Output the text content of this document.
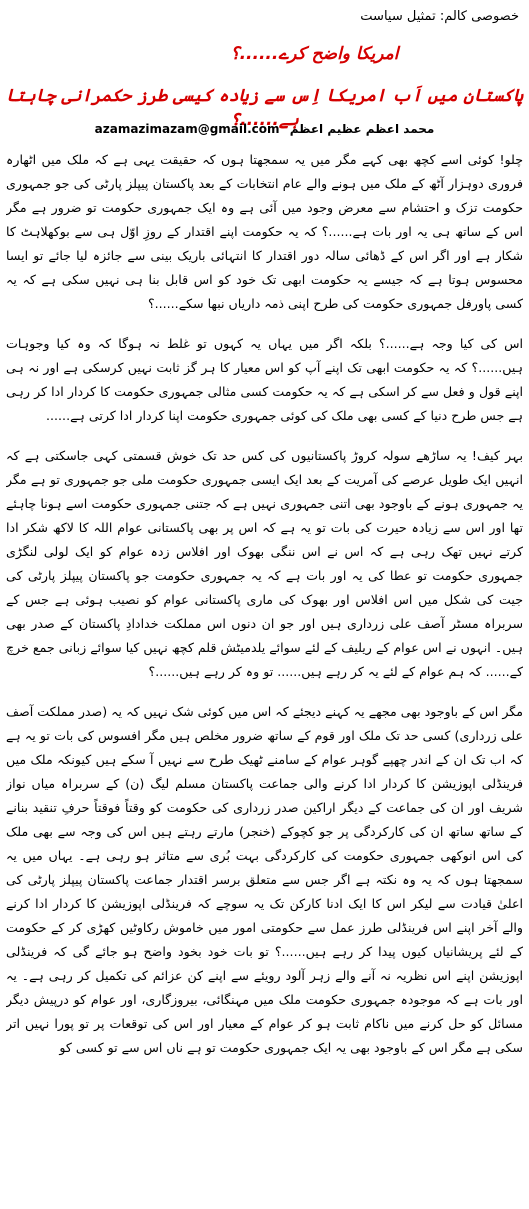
خصوصی کالم: تمثیل سیاست
امریکا واضح کرے......؟
پاکستان میں اَب امریکا اِس سے زیادہ کیسی طرز حکمرانی چاہتا ہے......؟
محمد اعظم عظیم اعظم azamazimazam@gmail.com

چلو! کوئی اسے کچھ بھی کہے مگر میں یہ سمجھتا ہوں کہ حقیقت یہی ہے کہ ملک میں اٹھارہ فروری دوہزار آٹھ کے ملک میں ہونے والے عام انتخابات کے بعد پاکستان پیپلز پارٹی کی جو جمہوری حکومت تزک و احتشام سے معرض وجود میں آئی ہے وہ ایک جمہوری حکومت تو ضرور ہے مگر اس کے ساتھ ہی یہ اور بات ہے......؟ کہ یہ حکومت اپنے اقتدار کے روزِ اوّل ہی سے بوکھلاہٹ کا شکار ہے اور اگر اس کے ڈھائی سالہ دور اقتدار کا انتہائی باریک بینی سے جائزہ لیا جائے تو ایسا محسوس ہوتا ہے کہ جیسے یہ حکومت ابھی تک خود کو اس قابل بنا ہی نہیں سکی ہے کہ یہ کسی پاورفل جمہوری حکومت کی طرح اپنی ذمہ داریاں نبھا سکے......؟

اس کی کیا وجہ ہے......؟ بلکہ اگر میں یہاں یہ کہوں تو غلط نہ ہوگا کہ وہ کیا وجوہات ہیں......؟ کہ یہ حکومت ابھی تک اپنے آپ کو اس معیار کا ہر گز ثابت نہیں کرسکی ہے اور نہ ہی اپنے قول و فعل سے کر اسکی ہے کہ یہ حکومت کسی مثالی جمہوری حکومت کا کردار ادا کر رہی ہے جس طرح دنیا کے کسی بھی ملک کی کوئی جمہوری حکومت اپنا کردار ادا کرتی ہے......

بہر کیف! یہ ساڑھے سولہ کروڑ پاکستانیوں کی کس حد تک خوش قسمتی کہی جاسکتی ہے کہ انہیں ایک طویل عرصے کی آمریت کے بعد ایک ایسی جمہوری حکومت ملی جو جمہوری تو ہے مگر یہ جمہوری ہونے کے باوجود بھی اتنی جمہوری نہیں ہے کہ جتنی جمہوری حکومت اسے ہونا چاہئے تھا اور اس سے زیادہ حیرت کی بات تو یہ ہے کہ اس پر بھی پاکستانی عوام اللہ کا لاکھ شکر ادا کرتے نہیں تھک رہی ہے کہ اس نے اس ننگی بھوک اور افلاس زدہ عوام کو ایک لولی لنگڑی جمہوری حکومت تو عطا کی یہ اور بات ہے کہ یہ جمہوری حکومت جو پاکستان پیپلز پارٹی کی جیت کی شکل میں اس افلاس اور بھوک کی ماری پاکستانی عوام کو نصیب ہوئی ہے جس کے سربراہ مسٹر آصف علی زرداری ہیں اور جو ان دنوں اس مملکت خدادادِ پاکستان کے صدر بھی ہیں۔ انہوں نے اس عوام کے ریلیف کے لئے سوائے یلدمیٹش قلم کچھ نہیں کیا سوائے زبانی جمع خرچ کے...... کہ ہم عوام کے لئے یہ کر رہے ہیں...... تو وہ کر رہے ہیں......؟

مگر اس کے باوجود بھی مجھے یہ کہنے دیجئے کہ اس میں کوئی شک نہیں کہ یہ (صدر مملکت آصف علی زرداری) کسی حد تک ملک اور قوم کے ساتھ ضرور مخلص ہیں مگر افسوس کی بات تو یہ ہے کہ اب تک ان کے اندر چھپے گوہر عوام کے سامنے ٹھیک طرح سے نہیں آ سکے ہیں کیونکہ ملک میں فرینڈلی اپوزیشن کا کردار ادا کرنے والی جماعت پاکستان مسلم لیگ (ن) کے سربراہ میاں نواز شریف اور ان کی جماعت کے دیگر اراکین صدر زرداری کی حکومت کو وقتاً فوقتاً حرفِ تنقید بنانے کے ساتھ ساتھ ان کی کارکردگی پر جو کچوکے (خنجر) مارتے رہتے ہیں اس کی وجہ سے بھی ملک کی اس انوکھی جمہوری حکومت کی کارکردگی بہت بُری سے متاثر ہو رہی ہے۔ یہاں میں یہ سمجھتا ہوں کہ یہ وہ نکتہ ہے اگر جس سے متعلق برسر اقتدار جماعت پاکستان پیپلز پارٹی کی اعلیٰ قیادت سے لیکر اس کا ایک ادنا کارکن تک یہ سوچے کہ فرینڈلی اپوزیشن کا کردار ادا کرنے والے آخر اپنے اس فرینڈلی طرز عمل سے حکومتی امور میں خاموش رکاوٹیں کھڑی کر کے حکومت کے لئے پریشانیاں کیوں پیدا کر رہے ہیں......؟ تو بات خود بخود واضح ہو جائے گی کہ فرینڈلی اپوزیشن اپنے اس نظریہ نہ آنے والے زہر آلود رویئے سے اپنے کن عزائم کی تکمیل کر رہی ہے۔ یہ اور بات ہے کہ موجودہ جمہوری حکومت ملک میں مہنگائی، بیروزگاری، اور عوام کو درپیش دیگر مسائل کو حل کرنے میں ناکام ثابت ہو کر عوام کے معیار اور اس کی توقعات پر تو پورا نہیں اتر سکی ہے مگر اس کے باوجود بھی یہ ایک جمہوری حکومت تو ہے ناں اس سے تو کسی کو
